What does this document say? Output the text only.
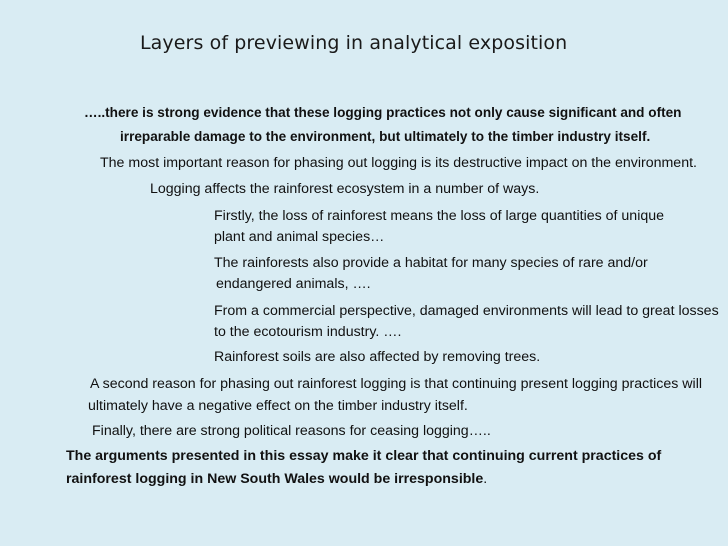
Layers of previewing in analytical exposition
…..there is strong evidence that these logging practices not only cause significant and often
irreparable damage to the environment, but ultimately to the timber industry itself.
The most important reason for phasing out logging is its destructive impact on the environment.
Logging affects the rainforest ecosystem in a number of ways.
Firstly, the loss of rainforest means the loss of large quantities of unique
plant and animal species…
The rainforests also provide a habitat for many species of rare and/or
endangered animals, ….
From a commercial perspective, damaged environments will lead to great losses
to the ecotourism industry. ….
Rainforest soils are also affected by removing trees.
A second reason for phasing out rainforest logging is that continuing present logging practices will
ultimately have a negative effect on the timber industry itself.
Finally, there are strong political reasons for ceasing logging…..
The arguments presented in this essay make it clear that continuing current practices of
rainforest logging in New South Wales would be irresponsible.
